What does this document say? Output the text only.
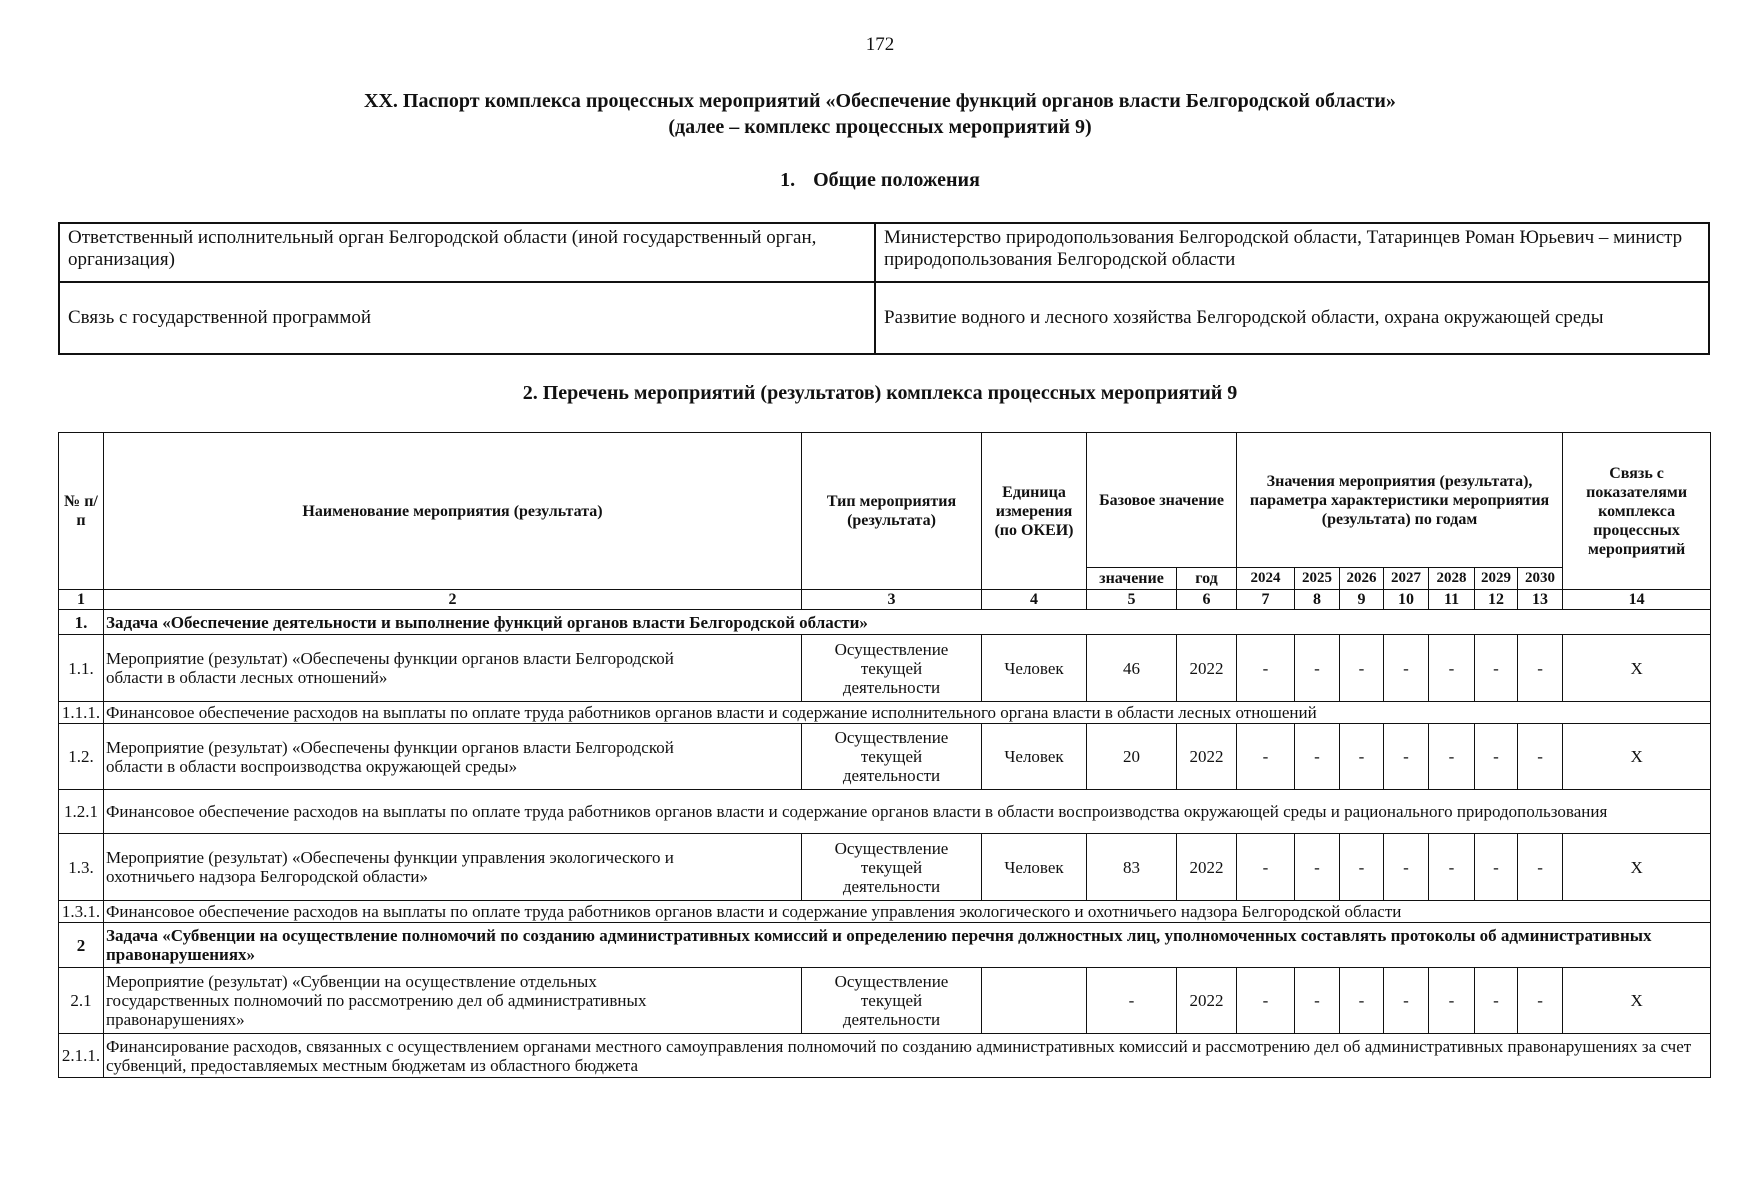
172
XX. Паспорт комплекса процессных мероприятий «Обеспечение функций органов власти Белгородской области»
(далее – комплекс процессных мероприятий 9)
1. Общие положения
Ответственный исполнительный орган Белгородской области (иной государственный орган, организация)	Министерство природопользования Белгородской области, Татаринцев Роман Юрьевич – министр природопользования Белгородской области
Связь с государственной программой	Развитие водного и лесного хозяйства Белгородской области, охрана окружающей среды
2. Перечень мероприятий (результатов) комплекса процессных мероприятий 9
№ п/п	Наименование мероприятия (результата)	Тип мероприятия (результата)	Единица измерения (по ОКЕИ)	Базовое значение		Значения мероприятия (результата), параметра характеристики мероприятия (результата) по годам							Связь с показателями комплекса процессных мероприятий
				значение	год	2024	2025	2026	2027	2028	2029	2030	
1	2	3	4	5	6	7	8	9	10	11	12	13	14
1.	Задача «Обеспечение деятельности и выполнение функций органов власти Белгородской области»												
1.1.	Мероприятие (результат) «Обеспечены функции органов власти Белгородской области в области лесных отношений»	Осуществление текущей деятельности	Человек	46	2022	-	-	-	-	-	-	-	Х
1.1.1.	Финансовое обеспечение расходов на выплаты по оплате труда работников органов власти и содержание исполнительного органа власти в области лесных отношений												
1.2.	Мероприятие (результат) «Обеспечены функции органов власти Белгородской области в области воспроизводства окружающей среды»	Осуществление текущей деятельности	Человек	20	2022	-	-	-	-	-	-	-	Х
1.2.1	Финансовое обеспечение расходов на выплаты по оплате труда работников органов власти и содержание органов власти в области воспроизводства окружающей среды и рационального природопользования												
1.3.	Мероприятие (результат) «Обеспечены функции управления экологического и охотничьего надзора Белгородской области»	Осуществление текущей деятельности	Человек	83	2022	-	-	-	-	-	-	-	Х
1.3.1.	Финансовое обеспечение расходов на выплаты по оплате труда работников органов власти и содержание управления экологического и охотничьего надзора Белгородской области												
2	Задача «Субвенции на осуществление полномочий по созданию административных комиссий и определению перечня должностных лиц, уполномоченных составлять протоколы об административных правонарушениях»												
2.1	Мероприятие (результат) «Субвенции на осуществление отдельных государственных полномочий по рассмотрению дел об административных правонарушениях»	Осуществление текущей деятельности		-	2022	-	-	-	-	-	-	-	Х
2.1.1.	Финансирование расходов, связанных с осуществлением органами местного самоуправления полномочий по созданию административных комиссий и рассмотрению дел об административных правонарушениях за счет субвенций, предоставляемых местным бюджетам из областного бюджета												
